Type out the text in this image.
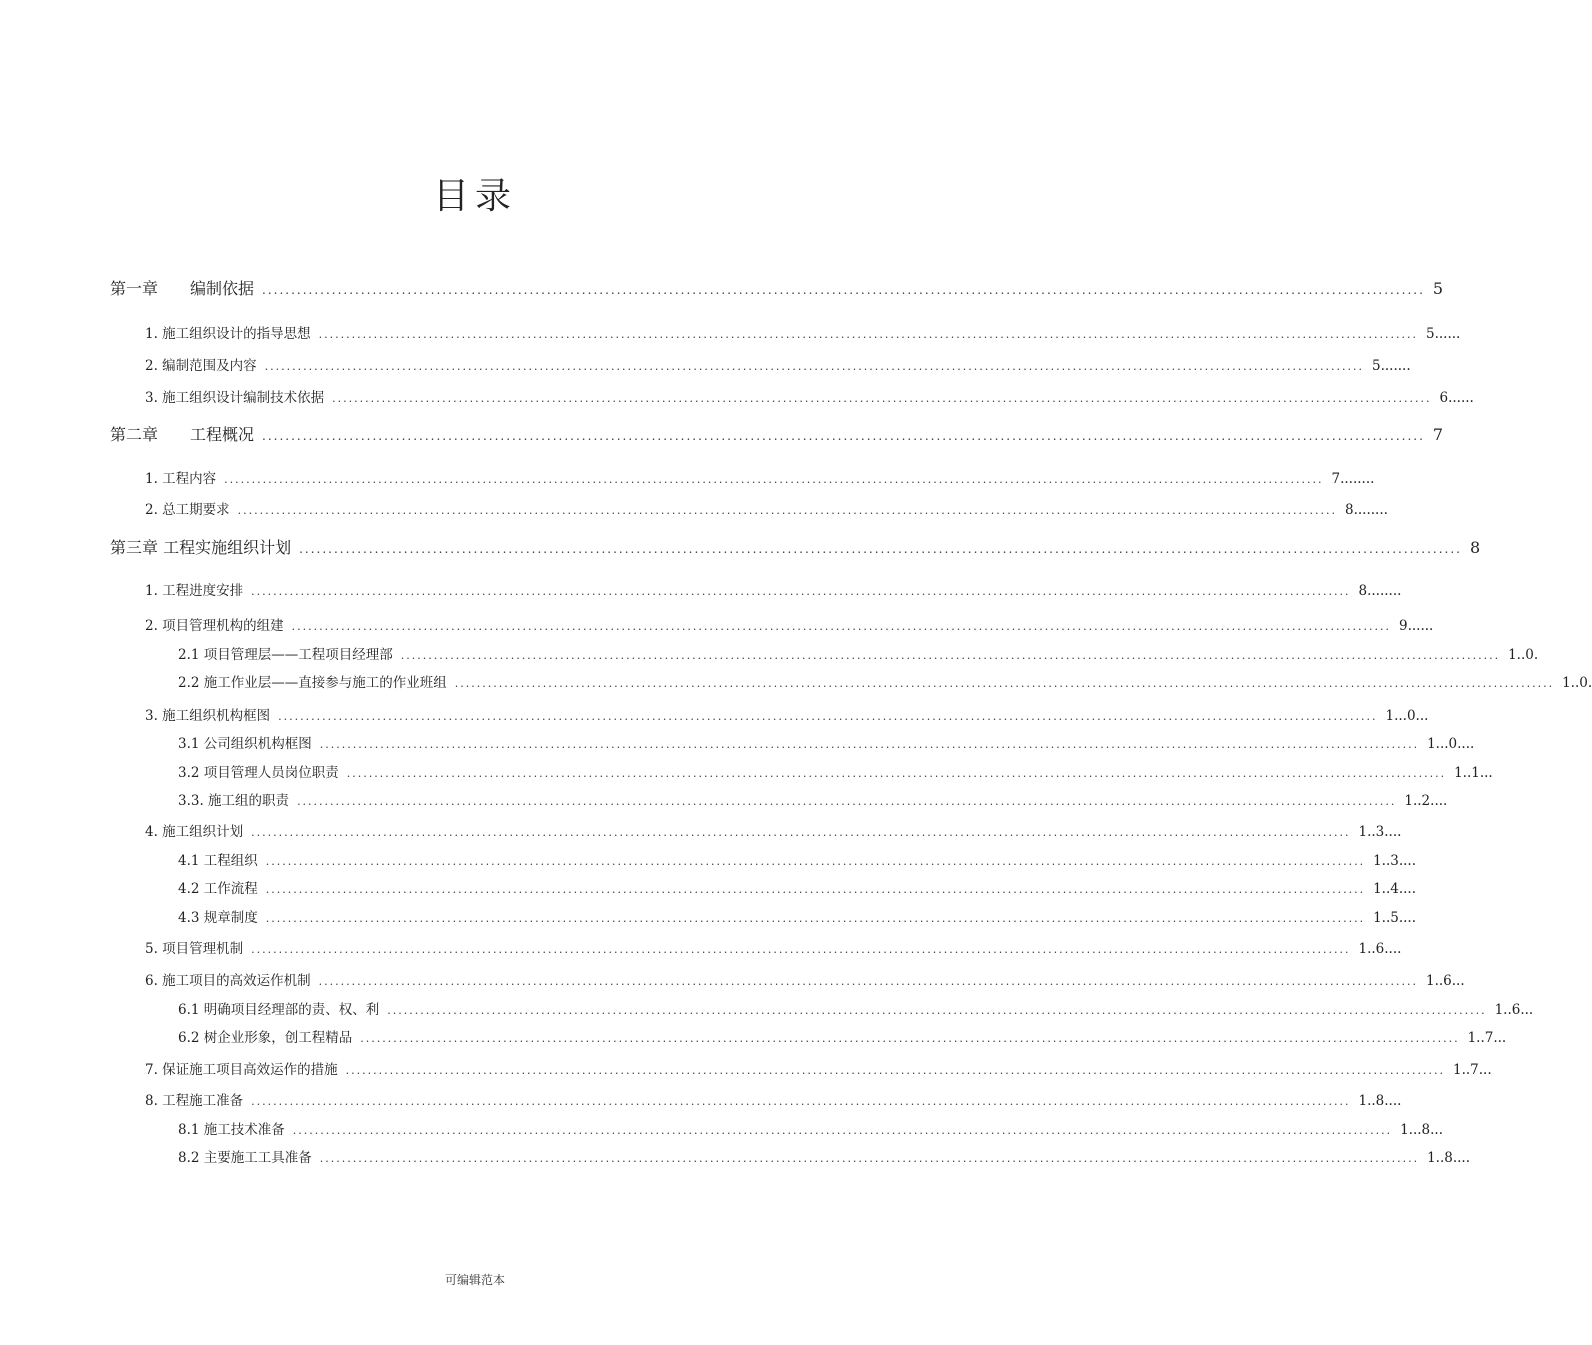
目录
第一章　　编制依据 ........................................................................................................................................................................................................ 5
1. 施工组织设计的指导思想 ........................................................................................................................................................................................................ 5......
2. 编制范围及内容 ........................................................................................................................................................................................................ 5.......
3. 施工组织设计编制技术依据 ........................................................................................................................................................................................................ 6......
第二章　　工程概况 ........................................................................................................................................................................................................ 7
1. 工程内容 ........................................................................................................................................................................................................ 7........
2. 总工期要求 ........................................................................................................................................................................................................ 8........
第三章 工程实施组织计划 ........................................................................................................................................................................................................ 8
1. 工程进度安排 ........................................................................................................................................................................................................ 8........
2. 项目管理机构的组建 ........................................................................................................................................................................................................ 9......
2.1 项目管理层——工程项目经理部 ........................................................................................................................................................................................................ 1..0.
2.2 施工作业层——直接参与施工的作业班组 ........................................................................................................................................................................................................ 1..0.
3. 施工组织机构框图 ........................................................................................................................................................................................................ 1...0...
3.1 公司组织机构框图 ........................................................................................................................................................................................................ 1...0....
3.2 项目管理人员岗位职责 ........................................................................................................................................................................................................ 1..1...
3.3. 施工组的职责 ........................................................................................................................................................................................................ 1..2....
4. 施工组织计划 ........................................................................................................................................................................................................ 1..3....
4.1 工程组织 ........................................................................................................................................................................................................ 1..3....
4.2 工作流程 ........................................................................................................................................................................................................ 1..4....
4.3 规章制度 ........................................................................................................................................................................................................ 1..5....
5. 项目管理机制 ........................................................................................................................................................................................................ 1..6....
6. 施工项目的高效运作机制 ........................................................................................................................................................................................................ 1..6...
6.1 明确项目经理部的责、权、利 ........................................................................................................................................................................................................ 1..6...
6.2 树企业形象，创工程精品 ........................................................................................................................................................................................................ 1..7...
7. 保证施工项目高效运作的措施 ........................................................................................................................................................................................................ 1..7...
8. 工程施工准备 ........................................................................................................................................................................................................ 1..8....
8.1 施工技术准备 ........................................................................................................................................................................................................ 1...8...
8.2 主要施工工具准备 ........................................................................................................................................................................................................ 1..8....
可编辑范本
